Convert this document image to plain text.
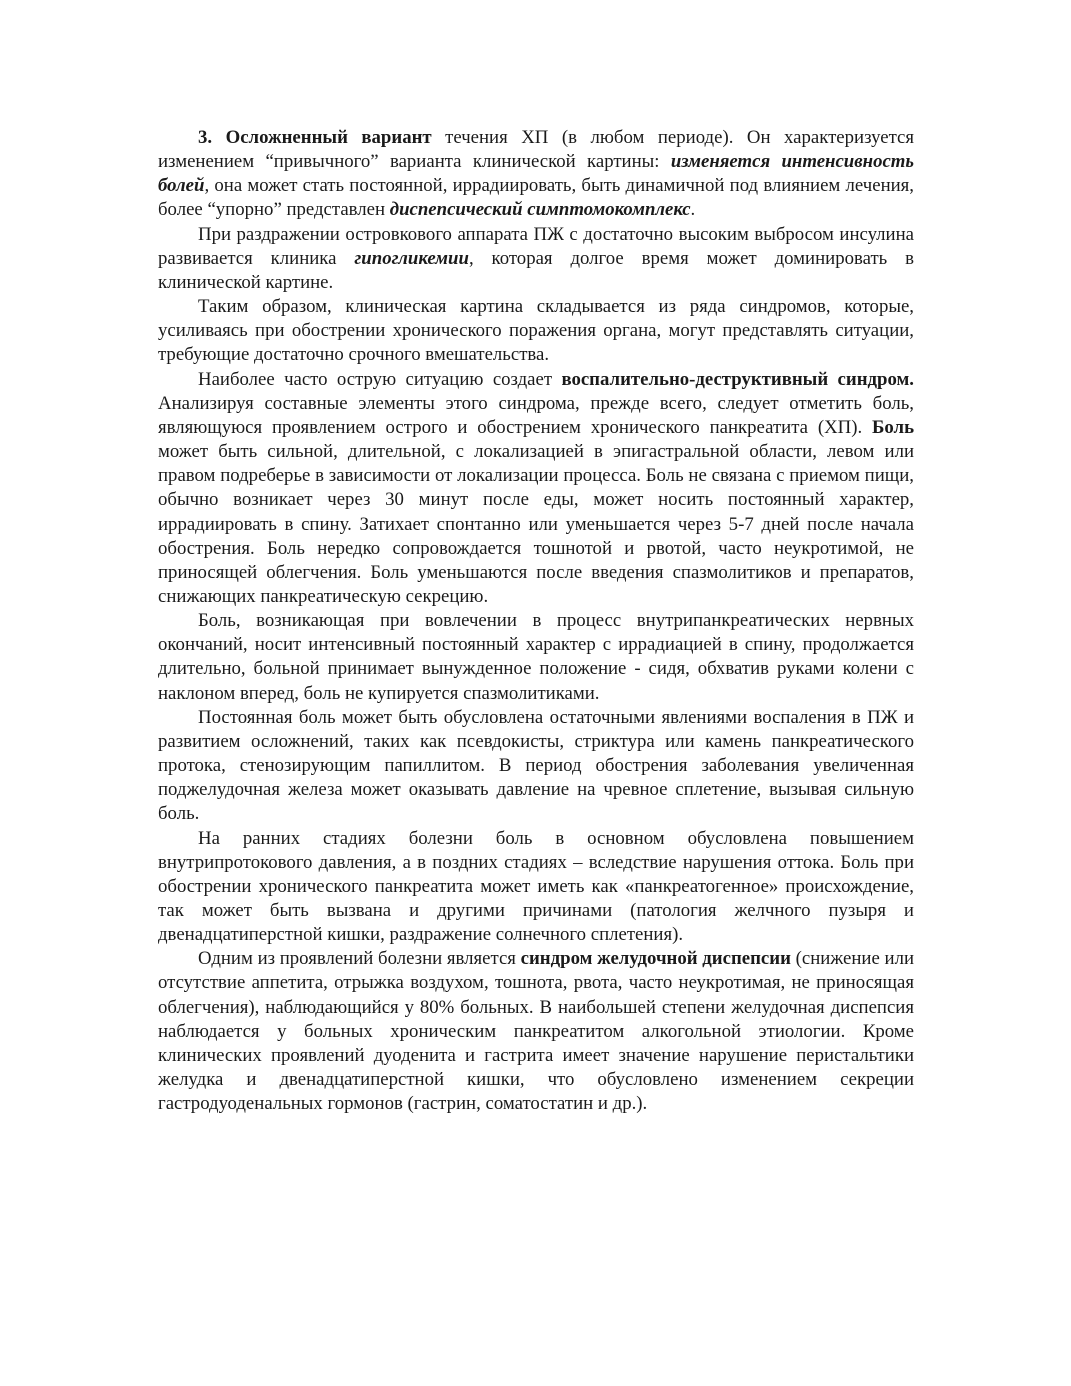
3. Осложненный вариант течения ХП (в любом периоде). Он характеризуется изменением “привычного” варианта клинической картины: изменяется интенсивность болей, она может стать постоянной, иррадиировать, быть динамичной под влиянием лечения, более “упорно” представлен диспепсический симптомокомплекс.

При раздражении островкового аппарата ПЖ с достаточно высоким выбросом инсулина развивается клиника гипогликемии, которая долгое время может доминировать в клинической картине.

Таким образом, клиническая картина складывается из ряда синдромов, которые, усиливаясь при обострении хронического поражения органа, могут представлять ситуации, требующие достаточно срочного вмешательства.

Наиболее часто острую ситуацию создает воспалительно-деструктивный синдром. Анализируя составные элементы этого синдрома, прежде всего, следует отметить боль, являющуюся проявлением острого и обострением хронического панкреатита (ХП). Боль может быть сильной, длительной, с локализацией в эпигастральной области, левом или правом подреберье в зависимости от локализации процесса. Боль не связана с приемом пищи, обычно возникает через 30 минут после еды, может носить постоянный характер, иррадиировать в спину. Затихает спонтанно или уменьшается через 5-7 дней после начала обострения. Боль нередко сопровождается тошнотой и рвотой, часто неукротимой, не приносящей облегчения. Боль уменьшаются после введения спазмолитиков и препаратов, снижающих панкреатическую секрецию.

Боль, возникающая при вовлечении в процесс внутрипанкреатических нервных окончаний, носит интенсивный постоянный характер с иррадиацией в спину, продолжается длительно, больной принимает вынужденное положение - сидя, обхватив руками колени с наклоном вперед, боль не купируется спазмолитиками.

Постоянная боль может быть обусловлена остаточными явлениями воспаления в ПЖ и развитием осложнений, таких как псевдокисты, стриктура или камень панкреатического протока, стенозирующим папиллитом. В период обострения заболевания увеличенная поджелудочная железа может оказывать давление на чревное сплетение, вызывая сильную боль.

На ранних стадиях болезни боль в основном обусловлена повышением внутрипротокового давления, а в поздних стадиях – вследствие нарушения оттока. Боль при обострении хронического панкреатита может иметь как «панкреатогенное» происхождение, так может быть вызвана и другими причинами (патология желчного пузыря и двенадцатиперстной кишки, раздражение солнечного сплетения).

Одним из проявлений болезни является синдром желудочной диспепсии (снижение или отсутствие аппетита, отрыжка воздухом, тошнота, рвота, часто неукротимая, не приносящая облегчения), наблюдающийся у 80% больных. В наибольшей степени желудочная диспепсия наблюдается у больных хроническим панкреатитом алкогольной этиологии. Кроме клинических проявлений дуоденита и гастрита имеет значение нарушение перистальтики желудка и двенадцатиперстной кишки, что обусловлено изменением секреции гастродуоденальных гормонов (гастрин, соматостатин и др.).
